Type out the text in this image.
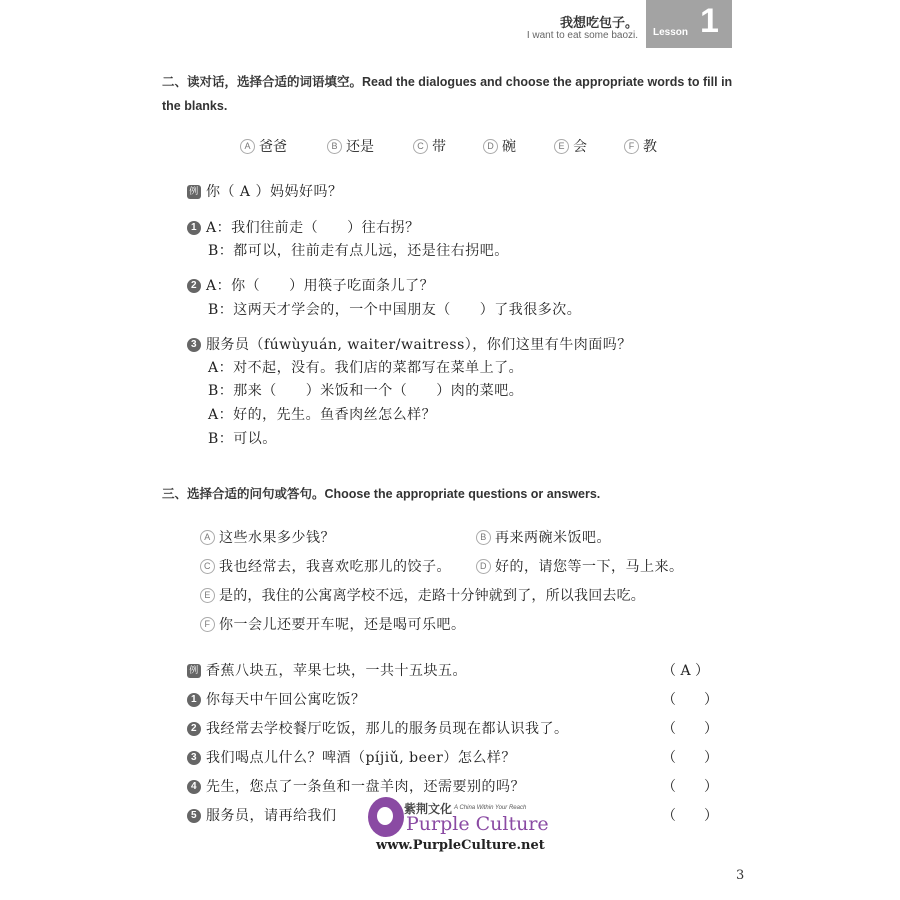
我想吃包子。
I want to eat some baozi. Lesson 1
二、读对话，选择合适的词语填空。Read the dialogues and choose the appropriate words to fill in
the blanks.
A 爸爸	B 还是	C 带	D 碗	E 会	F 教
例 你（ A ）妈妈好吗？
1 A：我们往前走（　　）往右拐？
B：都可以，往前走有点儿远，还是往右拐吧。
2 A：你（　　）用筷子吃面条儿了？
B：这两天才学会的，一个中国朋友（　　）了我很多次。
3 服务员（fúwùyuán, waiter/waitress），你们这里有牛肉面吗？
A：对不起，没有。我们店的菜都写在菜单上了。
B：那来（　　）米饭和一个（　　）肉的菜吧。
A：好的，先生。鱼香肉丝怎么样？
B：可以。
三、选择合适的问句或答句。Choose the appropriate questions or answers.
A 这些水果多少钱？	B 再来两碗米饭吧。
C 我也经常去，我喜欢吃那儿的饺子。	D 好的，请您等一下，马上来。
E 是的，我住的公寓离学校不远，走路十分钟就到了，所以我回去吃。
F 你一会儿还要开车呢，还是喝可乐吧。
例 香蕉八块五，苹果七块，一共十五块五。	（ A ）
1 你每天中午回公寓吃饭？	（　　）
2 我经常去学校餐厅吃饭，那儿的服务员现在都认识我了。	（　　）
3 我们喝点儿什么？啤酒（píjiǔ, beer）怎么样？	（　　）
4 先生，您点了一条鱼和一盘羊肉，还需要别的吗？	（　　）
5 服务员，请再给我们	（　　）
紫荆文化 A China Within Your Reach
Purple Culture
www.PurpleCulture.net
3
